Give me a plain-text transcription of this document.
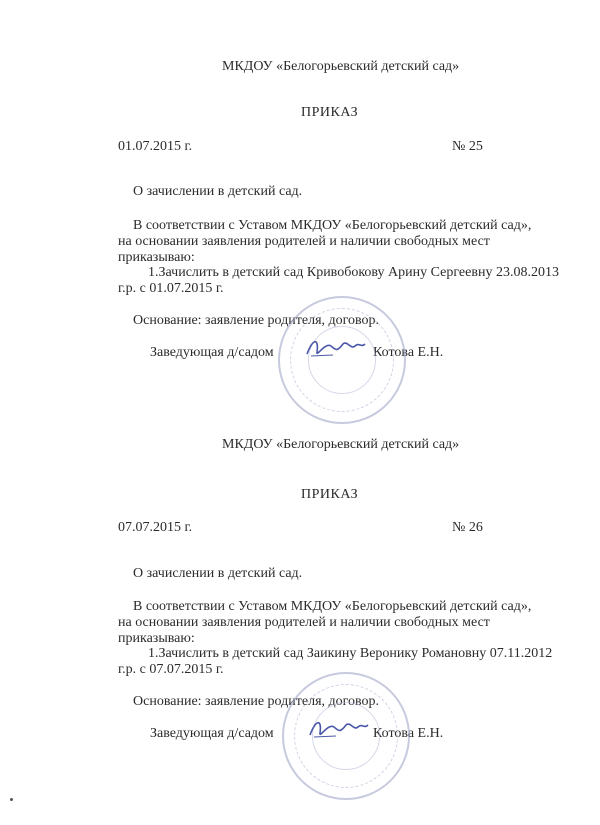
МКДОУ «Белогорьевский детский сад»
ПРИКАЗ
01.07.2015 г.	№ 25
О зачислении в детский сад.
В соответствии с Уставом МКДОУ «Белогорьевский детский сад»,
на основании заявления родителей и наличии свободных мест
приказываю:
1.Зачислить в детский сад Кривобокову Арину Сергеевну 23.08.2013
г.р. с 01.07.2015 г.
Основание: заявление родителя, договор.
Заведующая д/садом	Котова Е.Н.
МКДОУ «Белогорьевский детский сад»
ПРИКАЗ
07.07.2015 г.	№ 26
О зачислении в детский сад.
В соответствии с Уставом МКДОУ «Белогорьевский детский сад»,
на основании заявления родителей и наличии свободных мест
приказываю:
1.Зачислить в детский сад Заикину Веронику Романовну 07.11.2012
г.р. с 07.07.2015 г.
Основание: заявление родителя, договор.
Заведующая д/садом	Котова Е.Н.
